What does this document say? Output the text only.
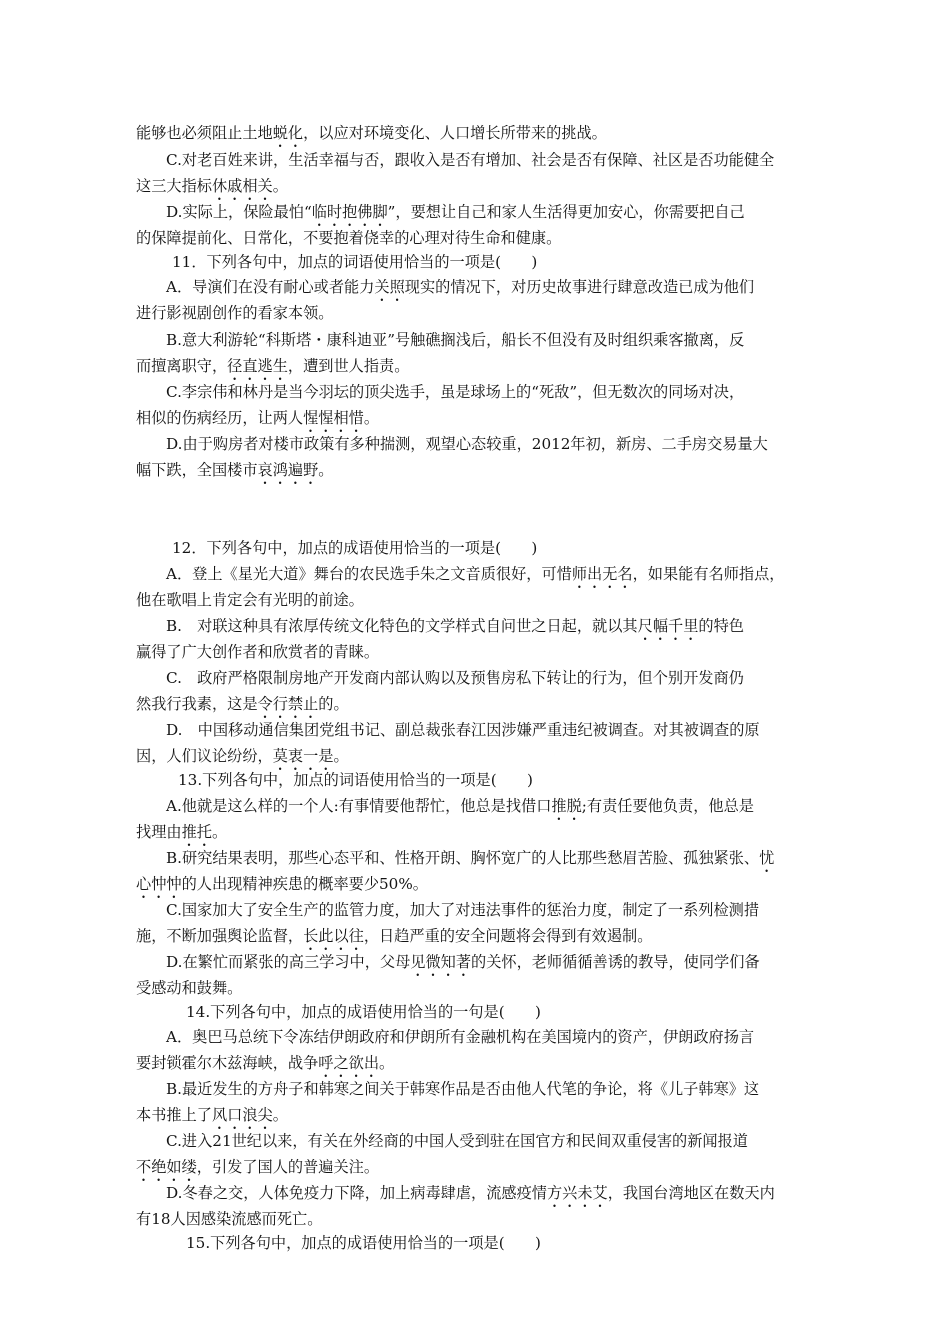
能够也必须阻止土地蜕化，以应对环境变化、人口增长所带来的挑战。
C.对老百姓来讲，生活幸福与否，跟收入是否有增加、社会是否有保障、社区是否功能健全
这三大指标休戚相关。
D.实际上，保险最怕“临时抱佛脚”，要想让自己和家人生活得更加安心，你需要把自己
的保障提前化、日常化，不要抱着侥幸的心理对待生命和健康。
11．下列各句中，加点的词语使用恰当的一项是(　　)
A．导演们在没有耐心或者能力关照现实的情况下，对历史故事进行肆意改造已成为他们
进行影视剧创作的看家本领。
B.意大利游轮“科斯塔・康科迪亚”号触礁搁浅后，船长不但没有及时组织乘客撤离，反
而擅离职守，径直逃生，遭到世人指责。
C.李宗伟和林丹是当今羽坛的顶尖选手，虽是球场上的“死敌”，但无数次的同场对决，
相似的伤病经历，让两人惺惺相惜。
D.由于购房者对楼市政策有多种揣测，观望心态较重，2012年初，新房、二手房交易量大
幅下跌，全国楼市哀鸿遍野。
12．下列各句中，加点的成语使用恰当的一项是(　　)
A．登上《星光大道》舞台的农民选手朱之文音质很好，可惜师出无名，如果能有名师指点，
他在歌唱上肯定会有光明的前途。
B.　对联这种具有浓厚传统文化特色的文学样式自问世之日起，就以其尺幅千里的特色
赢得了广大创作者和欣赏者的青睐。
C.　政府严格限制房地产开发商内部认购以及预售房私下转让的行为，但个别开发商仍
然我行我素，这是令行禁止的。
D.　中国移动通信集团党组书记、副总裁张春江因涉嫌严重违纪被调查。对其被调查的原
因，人们议论纷纷，莫衷一是。
13.下列各句中，加点的词语使用恰当的一项是(　　)
A.他就是这么样的一个人:有事情要他帮忙，他总是找借口推脱;有责任要他负责，他总是
找理由推托。
B.研究结果表明，那些心态平和、性格开朗、胸怀宽广的人比那些愁眉苦脸、孤独紧张、忧
心忡忡的人出现精神疾患的概率要少50%。
C.国家加大了安全生产的监管力度，加大了对违法事件的惩治力度，制定了一系列检测措
施，不断加强舆论监督，长此以往，日趋严重的安全问题将会得到有效遏制。
D.在繁忙而紧张的高三学习中，父母见微知著的关怀，老师循循善诱的教导，使同学们备
受感动和鼓舞。
14.下列各句中，加点的成语使用恰当的一句是(　　)
A．奥巴马总统下令冻结伊朗政府和伊朗所有金融机构在美国境内的资产，伊朗政府扬言
要封锁霍尔木兹海峡，战争呼之欲出。
B.最近发生的方舟子和韩寒之间关于韩寒作品是否由他人代笔的争论，将《儿子韩寒》这
本书推上了风口浪尖。
C.进入21世纪以来，有关在外经商的中国人受到驻在国官方和民间双重侵害的新闻报道
不绝如缕，引发了国人的普遍关注。
D.冬春之交，人体免疫力下降，加上病毒肆虐，流感疫情方兴未艾，我国台湾地区在数天内
有18人因感染流感而死亡。
15.下列各句中，加点的成语使用恰当的一项是(　　)
